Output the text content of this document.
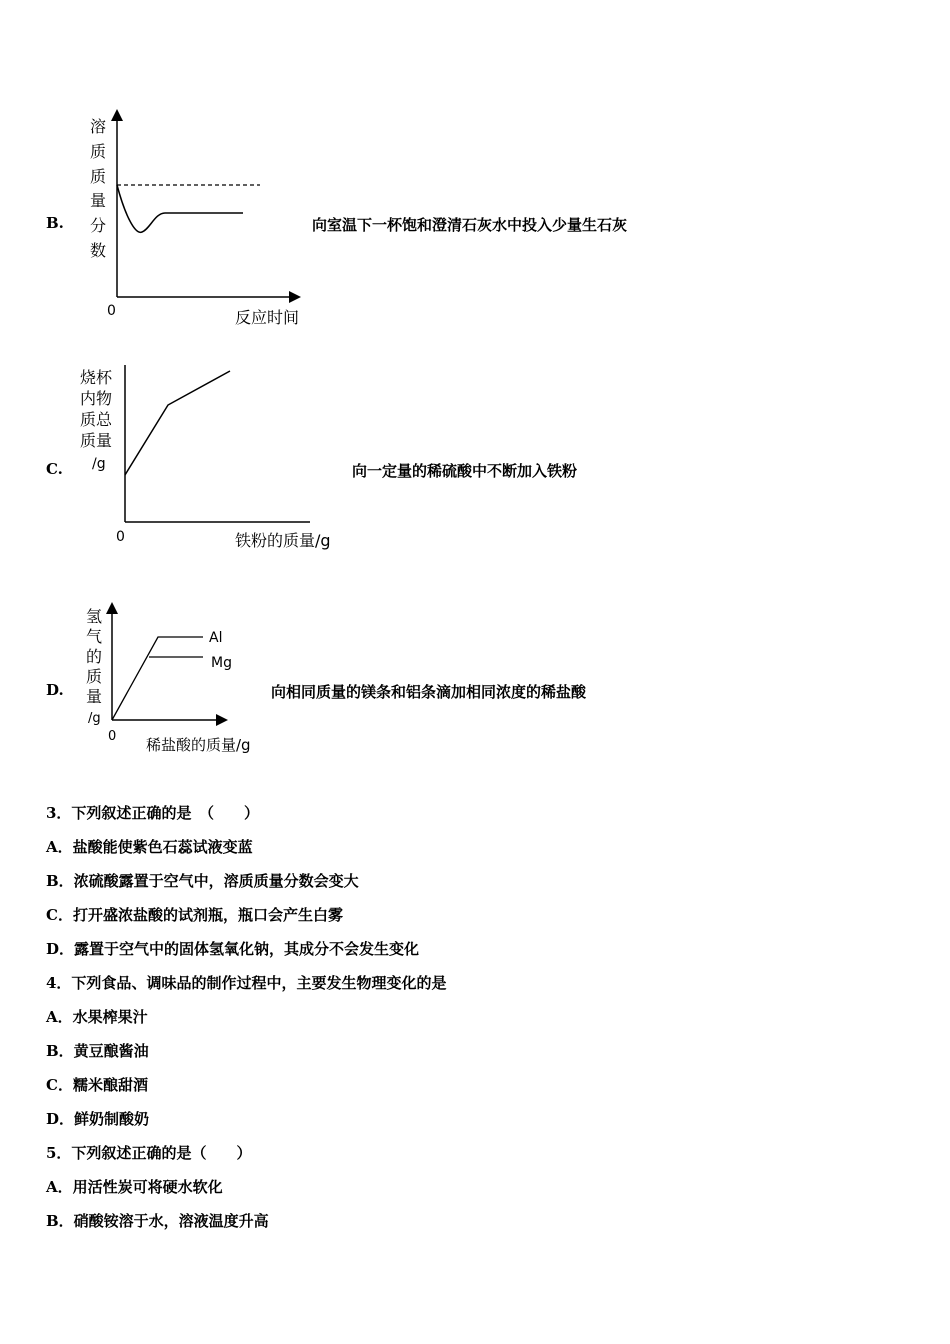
B.
溶
质
质
量
分
数
0	反应时间
向室温下一杯饱和澄清石灰水中投入少量生石灰
C.
烧杯
内物
质总
质量
/g
0	铁粉的质量/g
向一定量的稀硫酸中不断加入铁粉
D.
Al
Mg
氢
气
的
质
量
/g
0 稀盐酸的质量/g
向相同质量的镁条和铝条滴加相同浓度的稀盐酸
3．下列叙述正确的是　（　　）
A．盐酸能使紫色石蕊试液变蓝
B．浓硫酸露置于空气中，溶质质量分数会变大
C．打开盛浓盐酸的试剂瓶，瓶口会产生白雾
D．露置于空气中的固体氢氧化钠，其成分不会发生变化
4．下列食品、调味品的制作过程中，主要发生物理变化的是
A．水果榨果汁
B．黄豆酿酱油
C．糯米酿甜酒
D．鲜奶制酸奶
5．下列叙述正确的是（　　）
A．用活性炭可将硬水软化
B．硝酸铵溶于水，溶液温度升高
